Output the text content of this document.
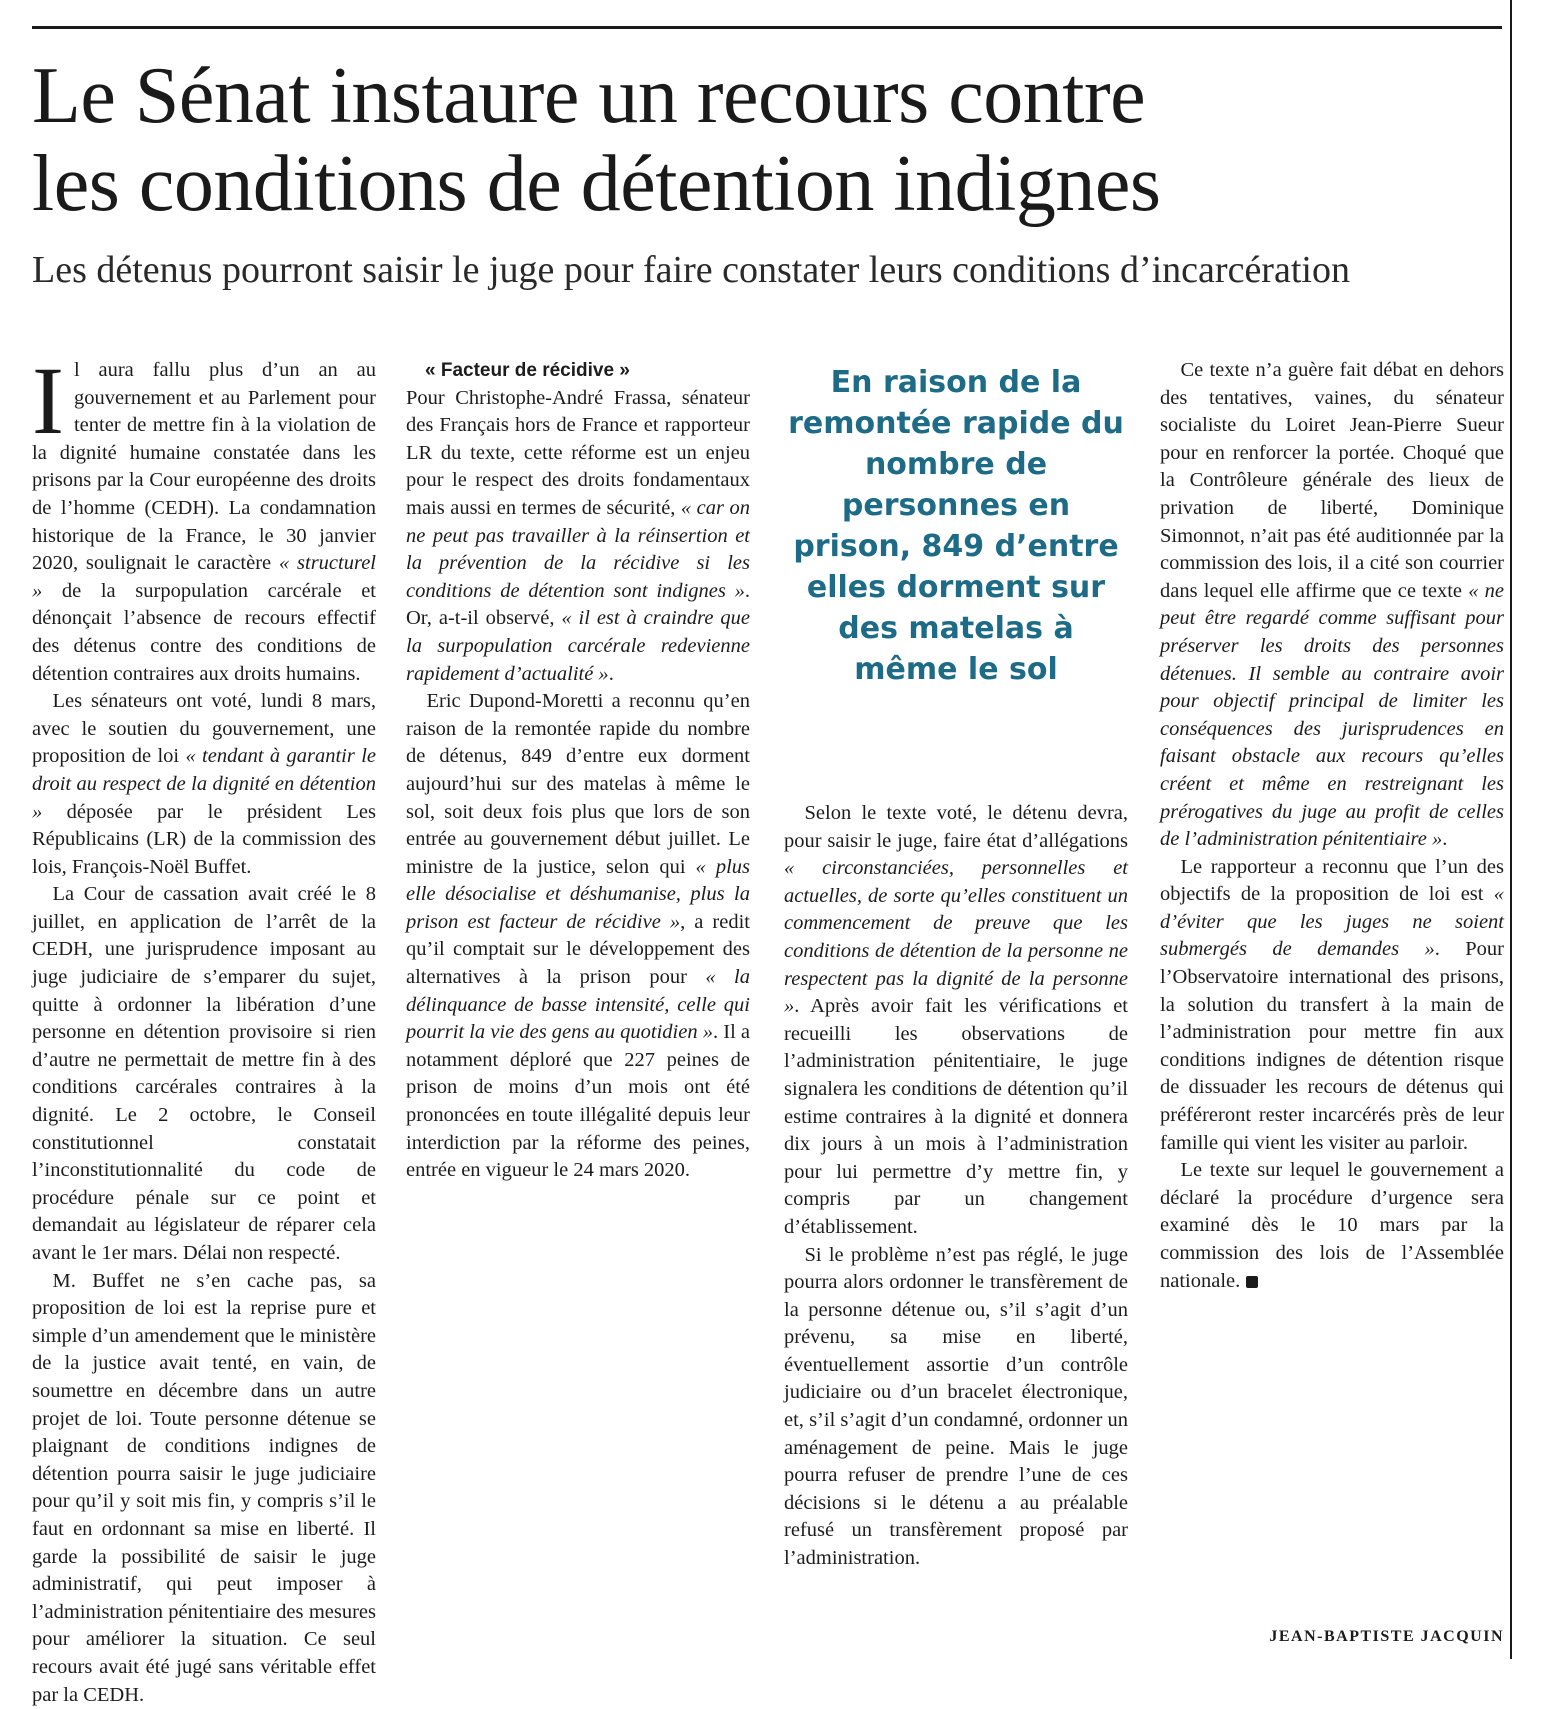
Le Sénat instaure un recours contre
les conditions de détention indignes
Les détenus pourront saisir le juge pour faire constater leurs conditions d’incarcération

Il aura fallu plus d’un an au gouvernement et au Parlement pour tenter de mettre fin à la violation de la dignité humaine constatée dans les prisons par la Cour européenne des droits de l’homme (CEDH). La condamnation historique de la France, le 30 janvier 2020, soulignait le caractère « structurel » de la surpopulation carcérale et dénonçait l’absence de recours effectif des détenus contre des conditions de détention contraires aux droits humains.

Les sénateurs ont voté, lundi 8 mars, avec le soutien du gouvernement, une proposition de loi « tendant à garantir le droit au respect de la dignité en détention » déposée par le président Les Républicains (LR) de la commission des lois, François-Noël Buffet.

La Cour de cassation avait créé le 8 juillet, en application de l’arrêt de la CEDH, une jurisprudence imposant au juge judiciaire de s’emparer du sujet, quitte à ordonner la libération d’une personne en détention provisoire si rien d’autre ne permettait de mettre fin à des conditions carcérales contraires à la dignité. Le 2 octobre, le Conseil constitutionnel constatait l’inconstitutionnalité du code de procédure pénale sur ce point et demandait au législateur de réparer cela avant le 1er mars. Délai non respecté.

M. Buffet ne s’en cache pas, sa proposition de loi est la reprise pure et simple d’un amendement que le ministère de la justice avait tenté, en vain, de soumettre en décembre dans un autre projet de loi. Toute personne détenue se plaignant de conditions indignes de détention pourra saisir le juge judiciaire pour qu’il y soit mis fin, y compris s’il le faut en ordonnant sa mise en liberté. Il garde la possibilité de saisir le juge administratif, qui peut imposer à l’administration pénitentiaire des mesures pour améliorer la situation. Ce seul recours avait été jugé sans véritable effet par la CEDH.

« Facteur de récidive »

Pour Christophe-André Frassa, sénateur des Français hors de France et rapporteur LR du texte, cette réforme est un enjeu pour le respect des droits fondamentaux mais aussi en termes de sécurité, « car on ne peut pas travailler à la réinsertion et la prévention de la récidive si les conditions de détention sont indignes ». Or, a-t-il observé, « il est à craindre que la surpopulation carcérale redevienne rapidement d’actualité ».

Eric Dupond-Moretti a reconnu qu’en raison de la remontée rapide du nombre de détenus, 849 d’entre eux dorment aujourd’hui sur des matelas à même le sol, soit deux fois plus que lors de son entrée au gouvernement début juillet. Le ministre de la justice, selon qui « plus elle désocialise et déshumanise, plus la prison est facteur de récidive », a redit qu’il comptait sur le développement des alternatives à la prison pour « la délinquance de basse intensité, celle qui pourrit la vie des gens au quotidien ». Il a notamment déploré que 227 peines de prison de moins d’un mois ont été prononcées en toute illégalité depuis leur interdiction par la réforme des peines, entrée en vigueur le 24 mars 2020.

En raison de la remontée rapide du nombre de personnes en prison, 849 d’entre elles dorment sur des matelas à même le sol

Selon le texte voté, le détenu devra, pour saisir le juge, faire état d’allégations « circonstanciées, personnelles et actuelles, de sorte qu’elles constituent un commencement de preuve que les conditions de détention de la personne ne respectent pas la dignité de la personne ». Après avoir fait les vérifications et recueilli les observations de l’administration pénitentiaire, le juge signalera les conditions de détention qu’il estime contraires à la dignité et donnera dix jours à un mois à l’administration pour lui permettre d’y mettre fin, y compris par un changement d’établissement.

Si le problème n’est pas réglé, le juge pourra alors ordonner le transfèrement de la personne détenue ou, s’il s’agit d’un prévenu, sa mise en liberté, éventuellement assortie d’un contrôle judiciaire ou d’un bracelet électronique, et, s’il s’agit d’un condamné, ordonner un aménagement de peine. Mais le juge pourra refuser de prendre l’une de ces décisions si le détenu a au préalable refusé un transfèrement proposé par l’administration.

Ce texte n’a guère fait débat en dehors des tentatives, vaines, du sénateur socialiste du Loiret Jean-Pierre Sueur pour en renforcer la portée. Choqué que la Contrôleure générale des lieux de privation de liberté, Dominique Simonnot, n’ait pas été auditionnée par la commission des lois, il a cité son courrier dans lequel elle affirme que ce texte « ne peut être regardé comme suffisant pour préserver les droits des personnes détenues. Il semble au contraire avoir pour objectif principal de limiter les conséquences des jurisprudences en faisant obstacle aux recours qu’elles créent et même en restreignant les prérogatives du juge au profit de celles de l’administration pénitentiaire ».

Le rapporteur a reconnu que l’un des objectifs de la proposition de loi est « d’éviter que les juges ne soient submergés de demandes ». Pour l’Observatoire international des prisons, la solution du transfert à la main de l’administration pour mettre fin aux conditions indignes de détention risque de dissuader les recours de détenus qui préféreront rester incarcérés près de leur famille qui vient les visiter au parloir.

Le texte sur lequel le gouvernement a déclaré la procédure d’urgence sera examiné dès le 10 mars par la commission des lois de l’Assemblée nationale.

JEAN-BAPTISTE JACQUIN
